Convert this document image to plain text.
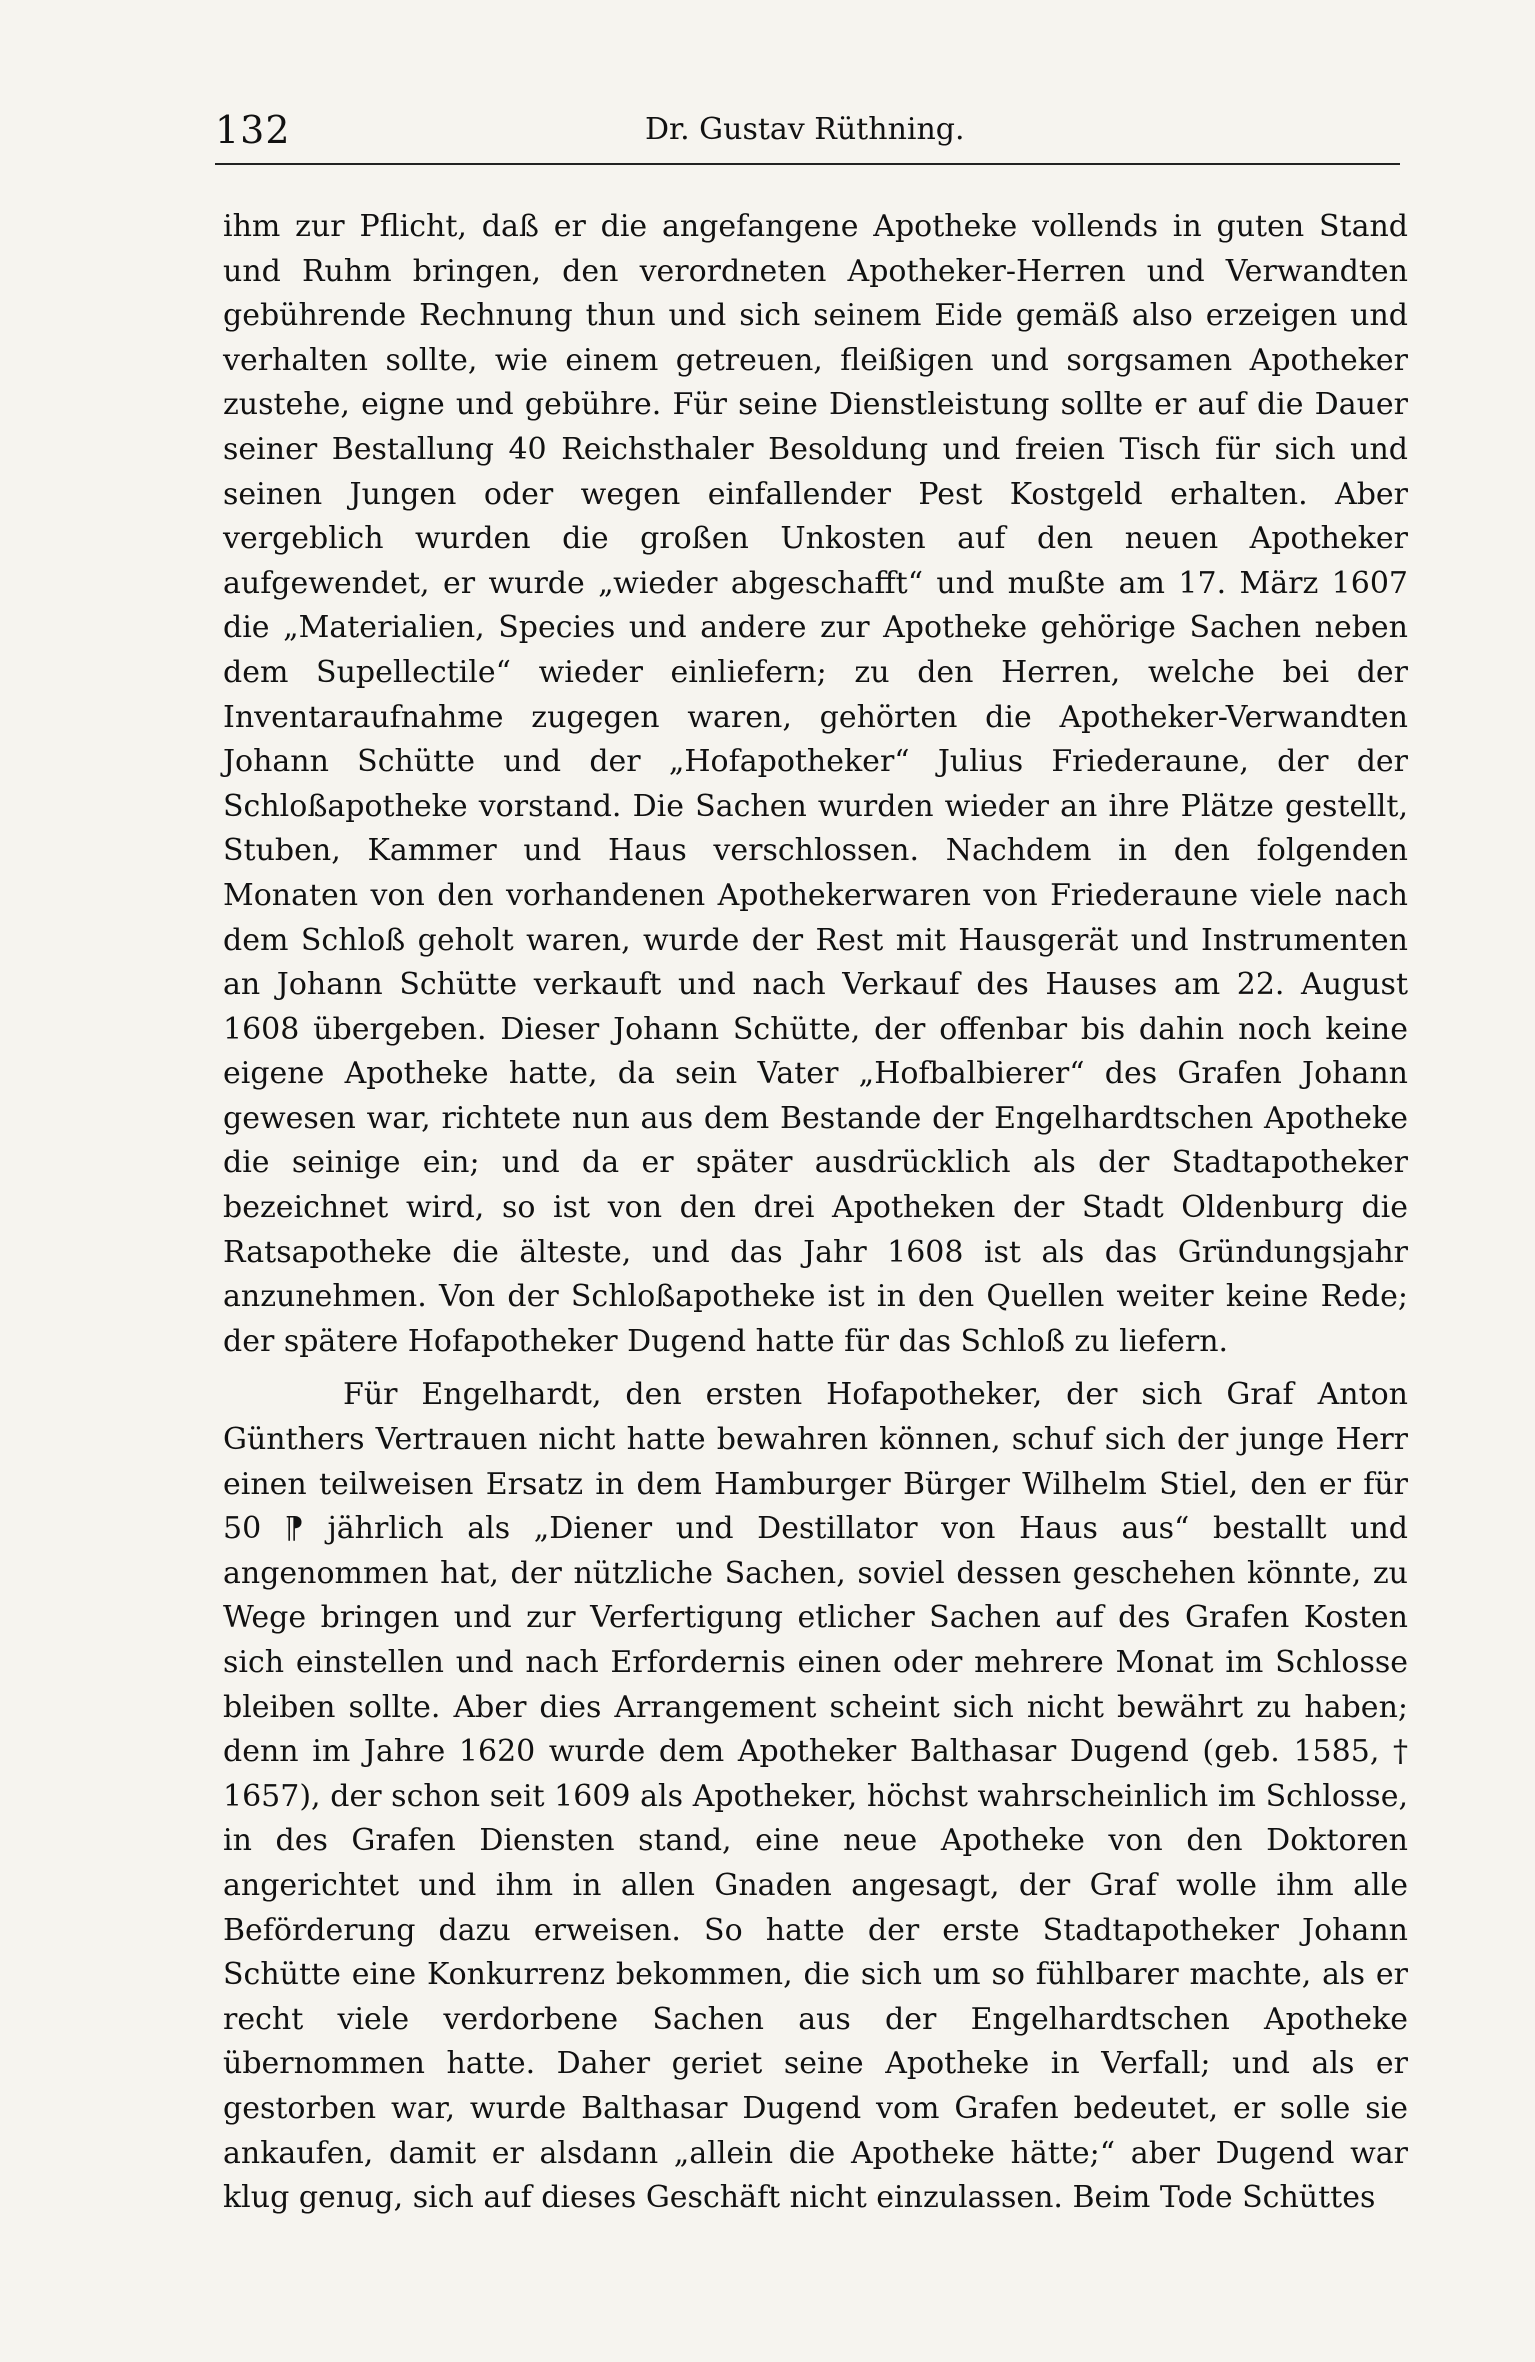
132	Dr. Gustav Rüthning.

ihm zur Pflicht, daß er die angefangene Apotheke vollends in guten Stand und Ruhm bringen, den verordneten Apotheker-Herren und Verwandten gebührende Rechnung thun und sich seinem Eide gemäß also erzeigen und verhalten sollte, wie einem getreuen, fleißigen und sorgsamen Apotheker zustehe, eigne und gebühre. Für seine Dienstleistung sollte er auf die Dauer seiner Bestallung 40 Reichsthaler Besoldung und freien Tisch für sich und seinen Jungen oder wegen einfallender Pest Kostgeld erhalten. Aber vergeblich wurden die großen Unkosten auf den neuen Apotheker aufgewendet, er wurde „wieder abgeschafft“ und mußte am 17. März 1607 die „Materialien, Species und andere zur Apotheke gehörige Sachen neben dem Supellectile“ wieder einliefern; zu den Herren, welche bei der Inventaraufnahme zugegen waren, gehörten die Apotheker-Verwandten Johann Schütte und der „Hofapotheker“ Julius Friederaune, der der Schloßapotheke vorstand. Die Sachen wurden wieder an ihre Plätze gestellt, Stuben, Kammer und Haus verschlossen. Nachdem in den folgenden Monaten von den vorhandenen Apothekerwaren von Friederaune viele nach dem Schloß geholt waren, wurde der Rest mit Hausgerät und Instrumenten an Johann Schütte verkauft und nach Verkauf des Hauses am 22. August 1608 übergeben. Dieser Johann Schütte, der offenbar bis dahin noch keine eigene Apotheke hatte, da sein Vater „Hofbalbierer“ des Grafen Johann gewesen war, richtete nun aus dem Bestande der Engelhardtschen Apotheke die seinige ein; und da er später ausdrücklich als der Stadtapotheker bezeichnet wird, so ist von den drei Apotheken der Stadt Oldenburg die Ratsapotheke die älteste, und das Jahr 1608 ist als das Gründungsjahr anzunehmen. Von der Schloßapotheke ist in den Quellen weiter keine Rede; der spätere Hofapotheker Dugend hatte für das Schloß zu liefern.

Für Engelhardt, den ersten Hofapotheker, der sich Graf Anton Günthers Vertrauen nicht hatte bewahren können, schuf sich der junge Herr einen teilweisen Ersatz in dem Hamburger Bürger Wilhelm Stiel, den er für 50 ⁋ jährlich als „Diener und Destillator von Haus aus“ bestallt und angenommen hat, der nützliche Sachen, soviel dessen geschehen könnte, zu Wege bringen und zur Verfertigung etlicher Sachen auf des Grafen Kosten sich einstellen und nach Erfordernis einen oder mehrere Monat im Schlosse bleiben sollte. Aber dies Arrangement scheint sich nicht bewährt zu haben; denn im Jahre 1620 wurde dem Apotheker Balthasar Dugend (geb. 1585, † 1657), der schon seit 1609 als Apotheker, höchst wahrscheinlich im Schlosse, in des Grafen Diensten stand, eine neue Apotheke von den Doktoren angerichtet und ihm in allen Gnaden angesagt, der Graf wolle ihm alle Beförderung dazu erweisen. So hatte der erste Stadtapotheker Johann Schütte eine Konkurrenz bekommen, die sich um so fühlbarer machte, als er recht viele verdorbene Sachen aus der Engelhardtschen Apotheke übernommen hatte. Daher geriet seine Apotheke in Verfall; und als er gestorben war, wurde Balthasar Dugend vom Grafen bedeutet, er solle sie ankaufen, damit er alsdann „allein die Apotheke hätte;“ aber Dugend war klug genug, sich auf dieses Geschäft nicht einzulassen. Beim Tode Schüttes
